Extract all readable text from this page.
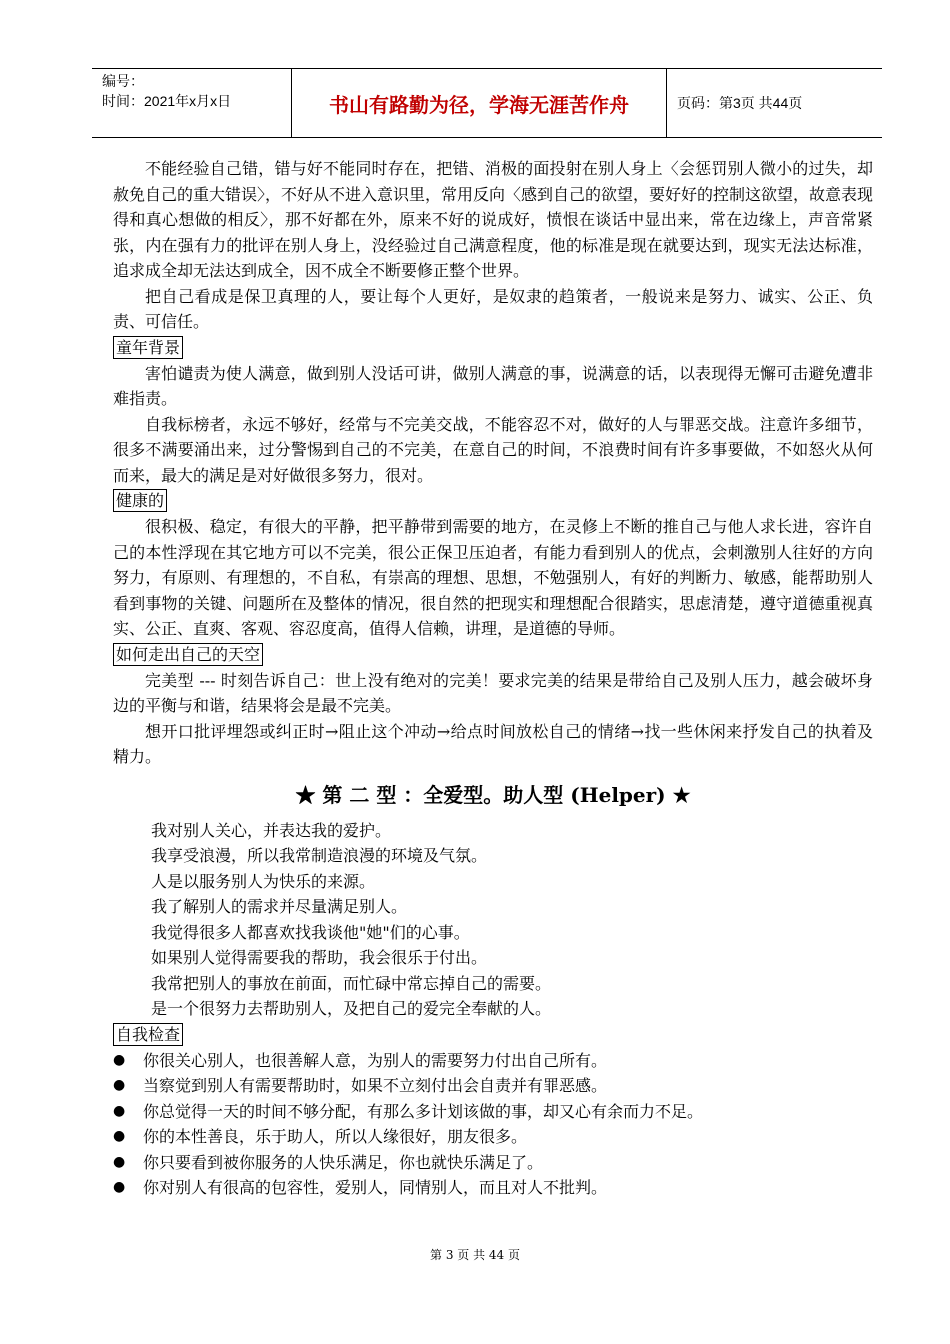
编号：
时间：2021年x月x日	书山有路勤为径，学海无涯苦作舟	页码：第3页 共44页

不能经验自己错，错与好不能同时存在，把错、消极的面投射在别人身上〈会惩罚别人微小的过失，却赦免自己的重大错误〉，不好从不进入意识里，常用反向〈感到自己的欲望，要好好的控制这欲望，故意表现得和真心想做的相反〉，那不好都在外，原来不好的说成好，愤恨在谈话中显出来，常在边缘上，声音常紧张，内在强有力的批评在别人身上，没经验过自己满意程度，他的标准是现在就要达到，现实无法达标准，追求成全却无法达到成全，因不成全不断要修正整个世界。

把自己看成是保卫真理的人，要让每个人更好，是奴隶的趋策者，一般说来是努力、诚实、公正、负责、可信任。

童年背景

害怕谴责为使人满意，做到别人没话可讲，做别人满意的事，说满意的话，以表现得无懈可击避免遭非难指责。

自我标榜者，永远不够好，经常与不完美交战，不能容忍不对，做好的人与罪恶交战。注意许多细节，很多不满要涌出来，过分警惕到自己的不完美，在意自己的时间，不浪费时间有许多事要做，不如怒火从何而来，最大的满足是对好做很多努力，很对。

健康的

很积极、稳定，有很大的平静，把平静带到需要的地方，在灵修上不断的推自己与他人求长进，容许自己的本性浮现在其它地方可以不完美，很公正保卫压迫者，有能力看到别人的优点，会刺激别人往好的方向努力，有原则、有理想的，不自私，有崇高的理想、思想，不勉强别人，有好的判断力、敏感，能帮助别人看到事物的关键、问题所在及整体的情况，很自然的把现实和理想配合很踏实，思虑清楚，遵守道德重视真实、公正、直爽、客观、容忍度高，值得人信赖，讲理，是道德的导师。

如何走出自己的天空

完美型 --- 时刻告诉自己：世上没有绝对的完美！要求完美的结果是带给自己及别人压力，越会破坏身边的平衡与和谐，结果将会是最不完美。

想开口批评埋怨或纠正时→阻止这个冲动→给点时间放松自己的情绪→找一些休闲来抒发自己的执着及精力。

★ 第 二 型 ：全爱型。助人型 (Helper) ★

我对别人关心，并表达我的爱护。

我享受浪漫，所以我常制造浪漫的环境及气氛。

人是以服务别人为快乐的来源。

我了解别人的需求并尽量满足别人。

我觉得很多人都喜欢找我谈他"她"们的心事。

如果别人觉得需要我的帮助，我会很乐于付出。

我常把别人的事放在前面，而忙碌中常忘掉自己的需要。

是一个很努力去帮助别人，及把自己的爱完全奉献的人。

自我检查

● 你很关心别人，也很善解人意，为别人的需要努力付出自己所有。

● 当察觉到别人有需要帮助时，如果不立刻付出会自责并有罪恶感。

● 你总觉得一天的时间不够分配，有那么多计划该做的事，却又心有余而力不足。

● 你的本性善良，乐于助人，所以人缘很好，朋友很多。

● 你只要看到被你服务的人快乐满足，你也就快乐满足了。

● 你对别人有很高的包容性，爱别人，同情别人，而且对人不批判。

第 3 页 共 44 页
